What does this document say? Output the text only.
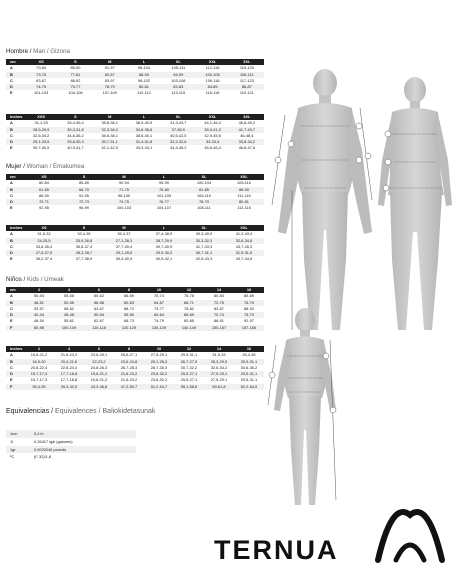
Hombre / Man / Gizona
cm	XS	S	M	L	XL	XXL	3XL
A	79-84	85-90	91-97	98-104	105-111	112-118	119-125
B	73-76	77-81	82-87	88-93	94-99	100-105	106-111
C	83-87	88-92	93-97	98-102	103-108	109-116	117-123
D	74-75	75-77	78-79	80-81	82-83	84-85	86-87
E	101-103	104-106	107-109	110-112	113-115	116-118	119-121
inches	XXS	S	M	L	XL	XXL	3XL
A	31,1-33	33,4-35,4	35,8-38,1	38,5-40,9	41,3-43,7	44,1-46,4	46,8-49,2
B	28,5-29,9	30,3-31,8	32,3-34,2	34,6-36,6	37-38,9	39,3-41,3	41,7-43,7
C	32,6-34,2	34,6-36,2	36,6-38,1	38,6-40,1	40,5-42,5	42,9-45,6	46-48,4
D	29,1-29,5	29,8-30,3	30,7-31,1	31,4-31,8	32,2-32,6	33-33,4	33,8-34,2
E	39,7-40,5	40,9-41,7	42,1-42,9	43,3-44,1	44,4-45,2	45,6-46,4	46,8-47,6
Mujer / Woman / Emakumea
cm	XS	S	M	L	XL	XXL
A	80-84	85-89	90-94	95-99	100-104	105-110
B	61-65	66-70	71-75	76-80	81-85	86-90
C	86-90	91-95	96-100	101-105	106-110	111-115
D	70-71	72-73	74-75	76-77	78-79	80-81
E	92-95	96-99	100-103	104-107	108-111	112-115
inches	XS	S	M	L	XL	XXL
A	31,5-33	33,4-35	35,4-37	37,4-38,9	39,3-40,9	41,3-43,4
B	24-25,5	25,9-26,8	27,1-28,3	28,7-29,9	30,3-32,3	32,6-34,8
C	33,8-35,4	35,8-37,4	37,7-39,4	39,7-40,9	41,7-43,3	43,7-45,3
D	27,5-27,9	28,3-28,7	29,1-29,5	29,9-30,3	30,7-31,1	31,5-31,9
E	36,2-37,4	37,7-38,9	39,3-40,5	40,9-42,1	42,5-43,3	43,7-44,5
Niños / Kids / Umeak
cm	2	4	6	8	10	12	14	16
A	50-54	55-58	60-62	66-69	70-74	75-78	80-84	85-89
B	48-51	52-55	56-58	60-63	64-67	68-71	72-75	76-79
C	53-57	58-62	63-67	68-72	73-77	78-82	83-87	88-92
D	40-44	45-48	50-54	55-59	60-64	65-69	70-74	75-79
E	48-54	55-61	62-67	68-73	74-79	80-85	86-91	92-97
F	80-98	100-109	110-118	120-129	130-139	140-149	150-157	157-165
inches	2	4	6	8	10	12	14	16
A	19,6-21,2	21,6-23,2	23,6-25,1	25,6-27,1	27,5-29,1	29,5-31,1	31,5-33	33,4-35
B	18,9-20	20,4-21,6	22-23,2	23,6-24,8	25,1-26,3	26,7-27,9	28,3-29,5	29,9-31,1
C	20,8-22,4	22,8-24,4	24,8-26,3	26,7-28,3	28,7-30,3	30,7-32,2	32,6-34,2	34,6-36,2
D	15,7-17,3	17,7-18,8	19,6-21,2	21,6-23,2	23,6-32,2	25,5-27,1	27,5-29,1	29,5-31,1
E	15,7-17,3	17,7-18,8	19,6-21,2	21,6-23,2	23,6-32,2	25,5-27,1	27,5-29,1	29,5-31,1
F	35,4-39	39,3-42,9	43,3-46,8	47,2-50,7	51,2-54,7	55,1-58,6	59-61,8	62,2-64,9
Equivalencias / Equivalences / Baliokidetasunak
1cm	0,4 in
1l	0,26417 lgal (galones)
1gr	0,0022046 pounds
ºC	(F-32)/1,8
TERNUA
